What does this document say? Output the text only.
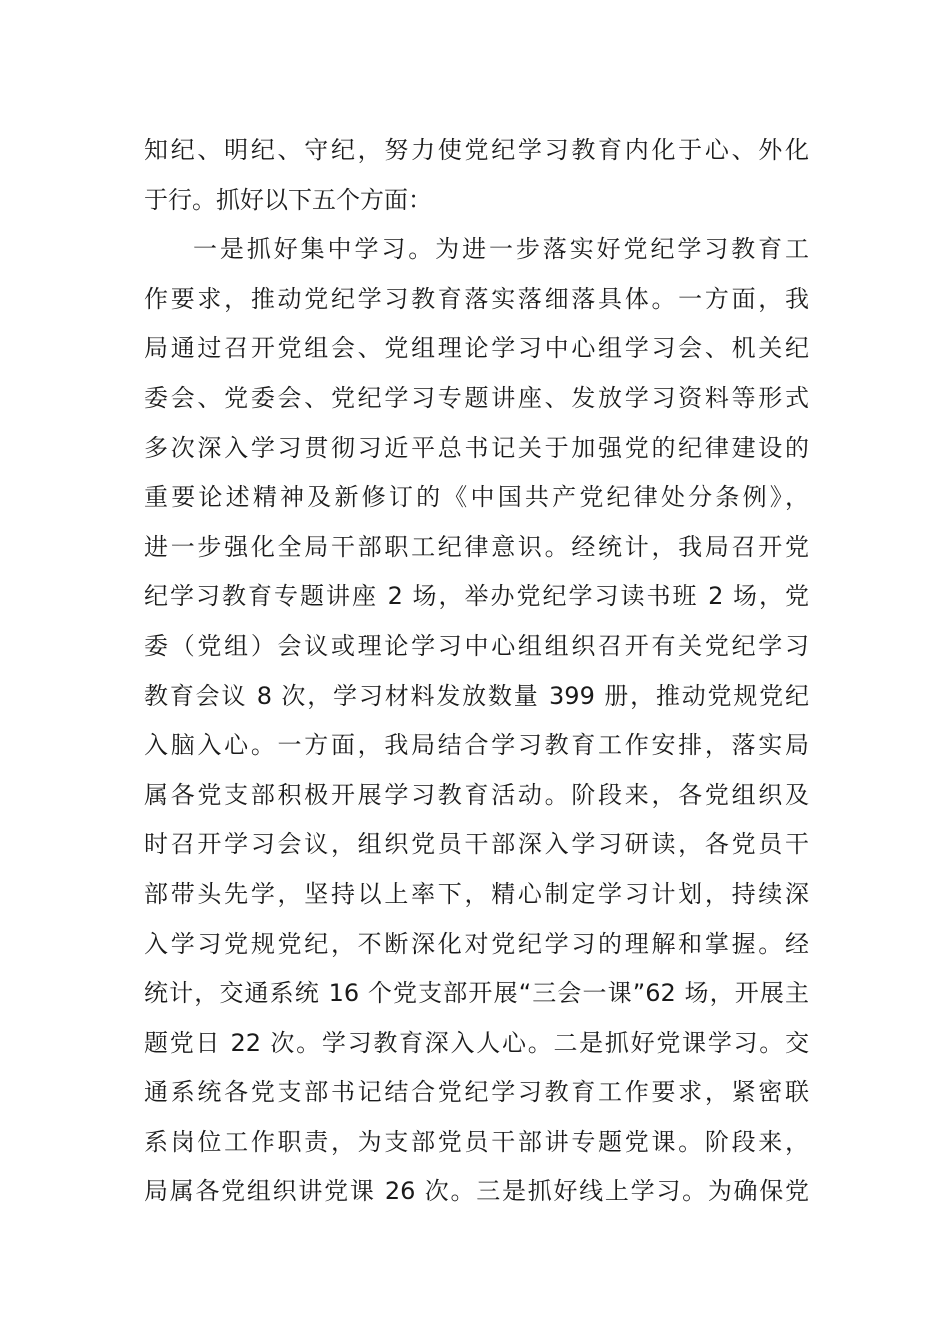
知纪、明纪、守纪，努力使党纪学习教育内化于心、外化
于行。抓好以下五个方面：
一是抓好集中学习。为进一步落实好党纪学习教育工
作要求，推动党纪学习教育落实落细落具体。一方面，我
局通过召开党组会、党组理论学习中心组学习会、机关纪
委会、党委会、党纪学习专题讲座、发放学习资料等形式
多次深入学习贯彻习近平总书记关于加强党的纪律建设的
重要论述精神及新修订的《中国共产党纪律处分条例》，
进一步强化全局干部职工纪律意识。经统计，我局召开党
纪学习教育专题讲座 2 场，举办党纪学习读书班 2 场，党
委（党组）会议或理论学习中心组组织召开有关党纪学习
教育会议 8 次，学习材料发放数量 399 册，推动党规党纪
入脑入心。一方面，我局结合学习教育工作安排，落实局
属各党支部积极开展学习教育活动。阶段来，各党组织及
时召开学习会议，组织党员干部深入学习研读，各党员干
部带头先学，坚持以上率下，精心制定学习计划，持续深
入学习党规党纪，不断深化对党纪学习的理解和掌握。经
统计，交通系统 16 个党支部开展“三会一课”62 场，开展主
题党日 22 次。学习教育深入人心。二是抓好党课学习。交
通系统各党支部书记结合党纪学习教育工作要求，紧密联
系岗位工作职责，为支部党员干部讲专题党课。阶段来，
局属各党组织讲党课 26 次。三是抓好线上学习。为确保党
